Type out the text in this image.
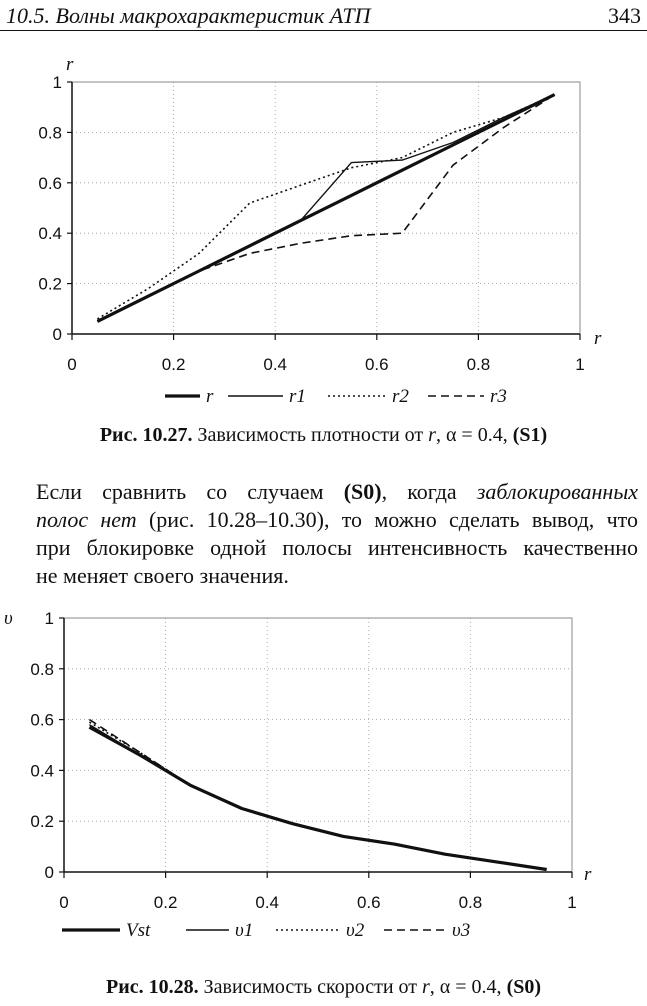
10.5. Волны макрохарактеристик АТП	343
0
0.2
0.4
0.6
0.8
1
0	0.2	0.4	0.6	0.8	1
r
r
r	r1	r2	r3
Рис. 10.27. Зависимость плотности от r, α = 0.4, (S1)
Если сравнить со случаем (S0), когда заблокированных
полос нет (рис. 10.28–10.30), то можно сделать вывод, что
при блокировке одной полосы интенсивность качественно
не меняет своего значения.
0
0.2
0.4
0.6
0.8
1
0	0.2	0.4	0.6	0.8	1
υ
r
Vst	υ1	υ2	υ3
Рис. 10.28. Зависимость скорости от r, α = 0.4, (S0)
